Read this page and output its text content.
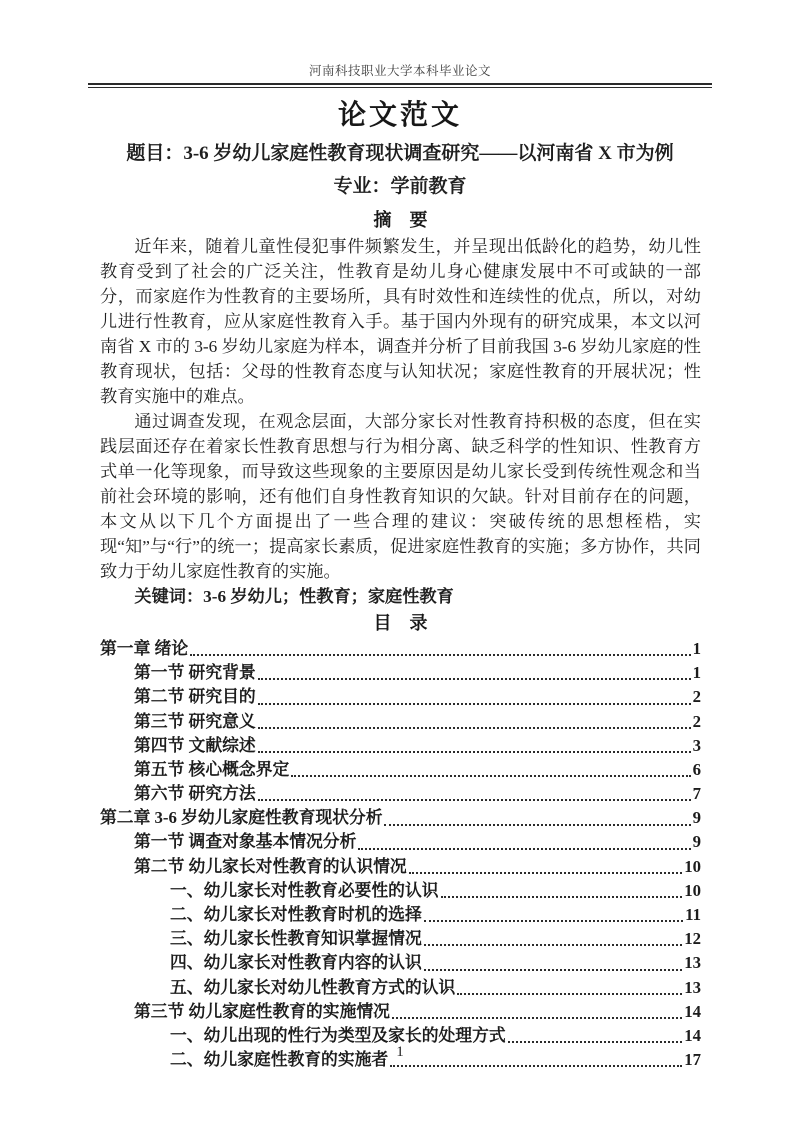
河南科技职业大学本科毕业论文
论文范文
题目：3-6 岁幼儿家庭性教育现状调查研究——以河南省 X 市为例
专业：学前教育
摘　要

近年来，随着儿童性侵犯事件频繁发生，并呈现出低龄化的趋势，幼儿性教育受到了社会的广泛关注，性教育是幼儿身心健康发展中不可或缺的一部分，而家庭作为性教育的主要场所，具有时效性和连续性的优点，所以，对幼儿进行性教育，应从家庭性教育入手。基于国内外现有的研究成果，本文以河南省 X 市的 3-6 岁幼儿家庭为样本，调查并分析了目前我国 3-6 岁幼儿家庭的性教育现状，包括：父母的性教育态度与认知状况；家庭性教育的开展状况；性教育实施中的难点。

通过调查发现，在观念层面，大部分家长对性教育持积极的态度，但在实践层面还存在着家长性教育思想与行为相分离、缺乏科学的性知识、性教育方式单一化等现象，而导致这些现象的主要原因是幼儿家长受到传统性观念和当前社会环境的影响，还有他们自身性教育知识的欠缺。针对目前存在的问题，本文从以下几个方面提出了一些合理的建议：突破传统的思想桎梏，实现“知”与“行”的统一；提高家长素质，促进家庭性教育的实施；多方协作，共同致力于幼儿家庭性教育的实施。

关键词：3-6 岁幼儿；性教育；家庭性教育

目　录
第一章 绪论	1
第一节 研究背景	1
第二节 研究目的	2
第三节 研究意义	2
第四节 文献综述	3
第五节 核心概念界定	6
第六节 研究方法	7
第二章 3-6 岁幼儿家庭性教育现状分析	9
第一节 调查对象基本情况分析	9
第二节 幼儿家长对性教育的认识情况	10
一、幼儿家长对性教育必要性的认识	10
二、幼儿家长对性教育时机的选择	11
三、幼儿家长性教育知识掌握情况	12
四、幼儿家长对性教育内容的认识	13
五、幼儿家长对幼儿性教育方式的认识	13
第三节 幼儿家庭性教育的实施情况	14
一、幼儿出现的性行为类型及家长的处理方式	14
二、幼儿家庭性教育的实施者	17
1
